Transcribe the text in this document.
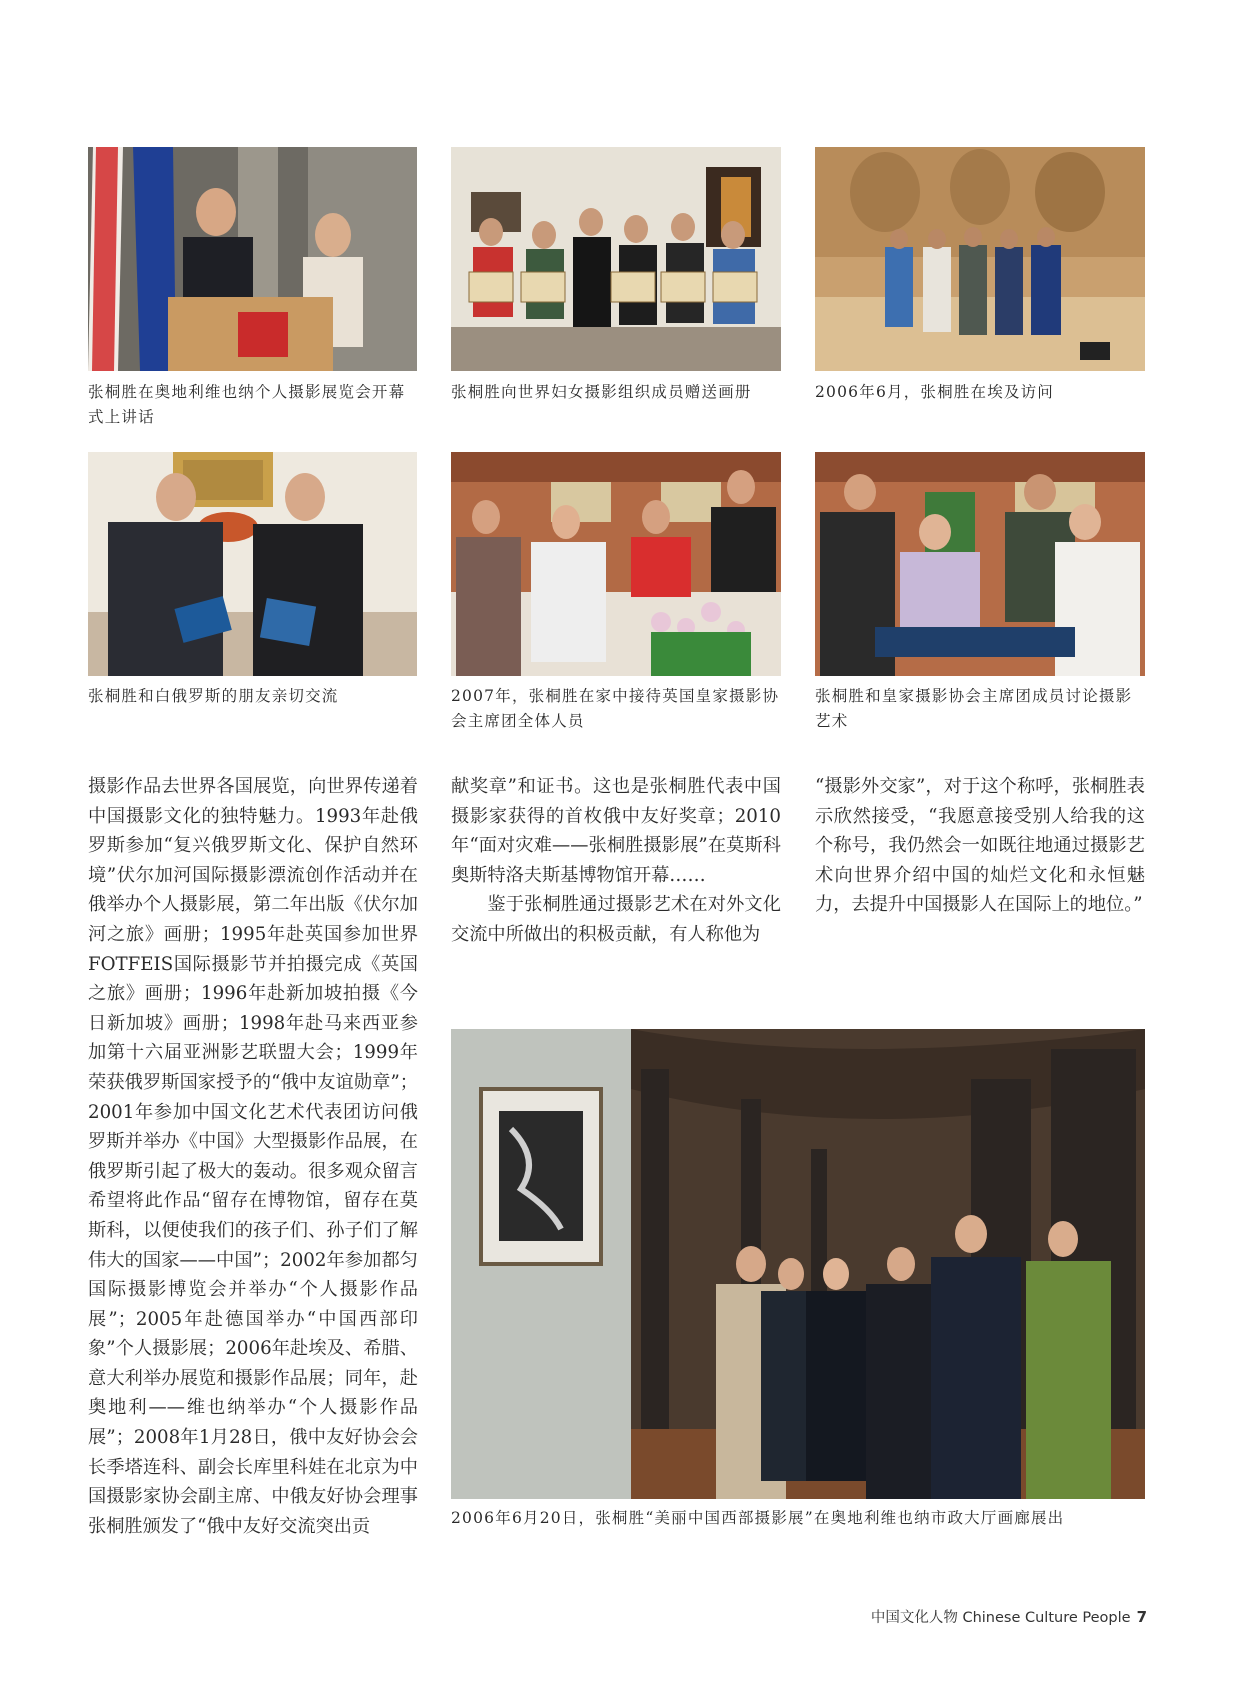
张桐胜在奥地利维也纳个人摄影展览会开幕式上讲话
张桐胜向世界妇女摄影组织成员赠送画册	2006年6月，张桐胜在埃及访问
张桐胜和白俄罗斯的朋友亲切交流	2007年，张桐胜在家中接待英国皇家摄影协会主席团全体人员
张桐胜和皇家摄影协会主席团成员讨论摄影艺术

摄影作品去世界各国展览，向世界传递着中国摄影文化的独特魅力。1993年赴俄罗斯参加“复兴俄罗斯文化、保护自然环境”伏尔加河国际摄影漂流创作活动并在俄举办个人摄影展，第二年出版《伏尔加河之旅》画册；1995年赴英国参加世界FOTFEIS国际摄影节并拍摄完成《英国之旅》画册；1996年赴新加坡拍摄《今日新加坡》画册；1998年赴马来西亚参加第十六届亚洲影艺联盟大会；1999年荣获俄罗斯国家授予的“俄中友谊勋章”；2001年参加中国文化艺术代表团访问俄罗斯并举办《中国》大型摄影作品展，在俄罗斯引起了极大的轰动。很多观众留言希望将此作品“留存在博物馆，留存在莫斯科，以便使我们的孩子们、孙子们了解伟大的国家——中国”；2002年参加都匀国际摄影博览会并举办“个人摄影作品展”；2005年赴德国举办“中国西部印象”个人摄影展；2006年赴埃及、希腊、意大利举办展览和摄影作品展；同年，赴奥地利——维也纳举办“个人摄影作品展”；2008年1月28日，俄中友好协会会长季塔连科、副会长库里科娃在北京为中国摄影家协会副主席、中俄友好协会理事张桐胜颁发了“俄中友好交流突出贡

献奖章”和证书。这也是张桐胜代表中国摄影家获得的首枚俄中友好奖章；2010年“面对灾难——张桐胜摄影展”在莫斯科奥斯特洛夫斯基博物馆开幕……

鉴于张桐胜通过摄影艺术在对外文化交流中所做出的积极贡献，有人称他为

“摄影外交家”，对于这个称呼，张桐胜表示欣然接受，“我愿意接受别人给我的这个称号，我仍然会一如既往地通过摄影艺术向世界介绍中国的灿烂文化和永恒魅力，去提升中国摄影人在国际上的地位。”

2006年6月20日，张桐胜“美丽中国西部摄影展”在奥地利维也纳市政大厅画廊展出
中国文化人物 Chinese Culture People 7
